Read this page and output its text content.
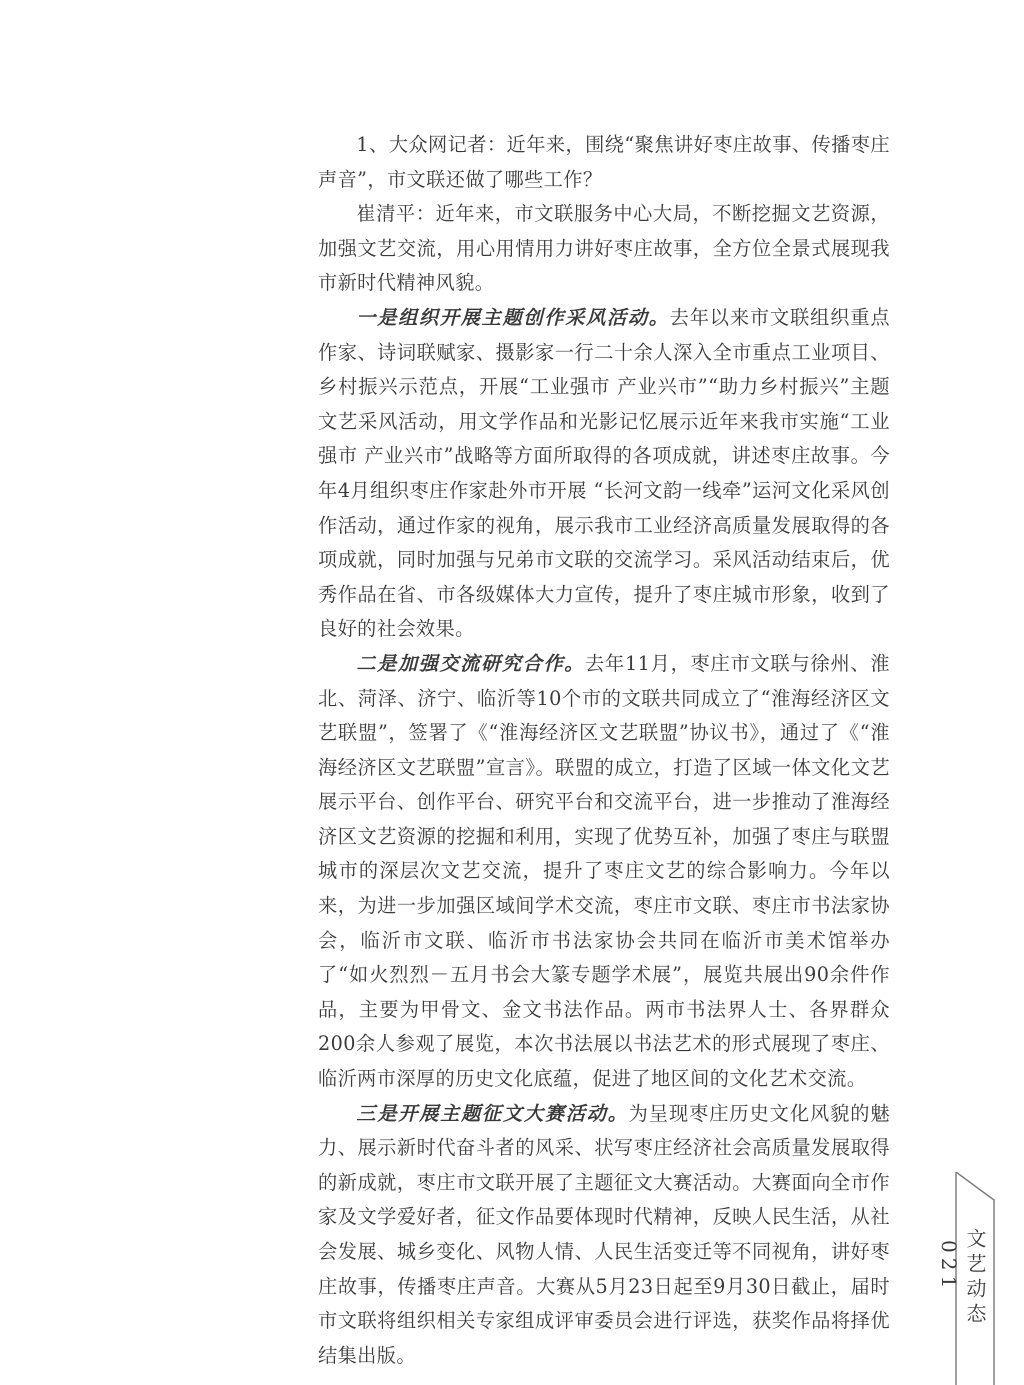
1、大众网记者：近年来，围绕“聚焦讲好枣庄故事、传播枣庄声音”，市文联还做了哪些工作？

崔清平：近年来，市文联服务中心大局，不断挖掘文艺资源，加强文艺交流，用心用情用力讲好枣庄故事，全方位全景式展现我市新时代精神风貌。

一是组织开展主题创作采风活动。去年以来市文联组织重点作家、诗词联赋家、摄影家一行二十余人深入全市重点工业项目、乡村振兴示范点，开展“工业强市 产业兴市”“助力乡村振兴”主题文艺采风活动，用文学作品和光影记忆展示近年来我市实施“工业强市 产业兴市”战略等方面所取得的各项成就，讲述枣庄故事。今年4月组织枣庄作家赴外市开展 “长河文韵一线牵”运河文化采风创作活动，通过作家的视角，展示我市工业经济高质量发展取得的各项成就，同时加强与兄弟市文联的交流学习。采风活动结束后，优秀作品在省、市各级媒体大力宣传，提升了枣庄城市形象，收到了良好的社会效果。

二是加强交流研究合作。去年11月，枣庄市文联与徐州、淮北、菏泽、济宁、临沂等10个市的文联共同成立了“淮海经济区文艺联盟”，签署了《“淮海经济区文艺联盟”协议书》，通过了《“淮海经济区文艺联盟”宣言》。联盟的成立，打造了区域一体文化文艺展示平台、创作平台、研究平台和交流平台，进一步推动了淮海经济区文艺资源的挖掘和利用，实现了优势互补，加强了枣庄与联盟城市的深层次文艺交流，提升了枣庄文艺的综合影响力。今年以来，为进一步加强区域间学术交流，枣庄市文联、枣庄市书法家协会，临沂市文联、临沂市书法家协会共同在临沂市美术馆举办了“如火烈烈－五月书会大篆专题学术展”，展览共展出90余件作品，主要为甲骨文、金文书法作品。两市书法界人士、各界群众200余人参观了展览，本次书法展以书法艺术的形式展现了枣庄、临沂两市深厚的历史文化底蕴，促进了地区间的文化艺术交流。

三是开展主题征文大赛活动。为呈现枣庄历史文化风貌的魅力、展示新时代奋斗者的风采、状写枣庄经济社会高质量发展取得的新成就，枣庄市文联开展了主题征文大赛活动。大赛面向全市作家及文学爱好者，征文作品要体现时代精神，反映人民生活，从社会发展、城乡变化、风物人情、人民生活变迁等不同视角，讲好枣庄故事，传播枣庄声音。大赛从5月23日起至9月30日截止，届时市文联将组织相关专家组成评审委员会进行评选，获奖作品将择优结集出版。

文艺动态 021
